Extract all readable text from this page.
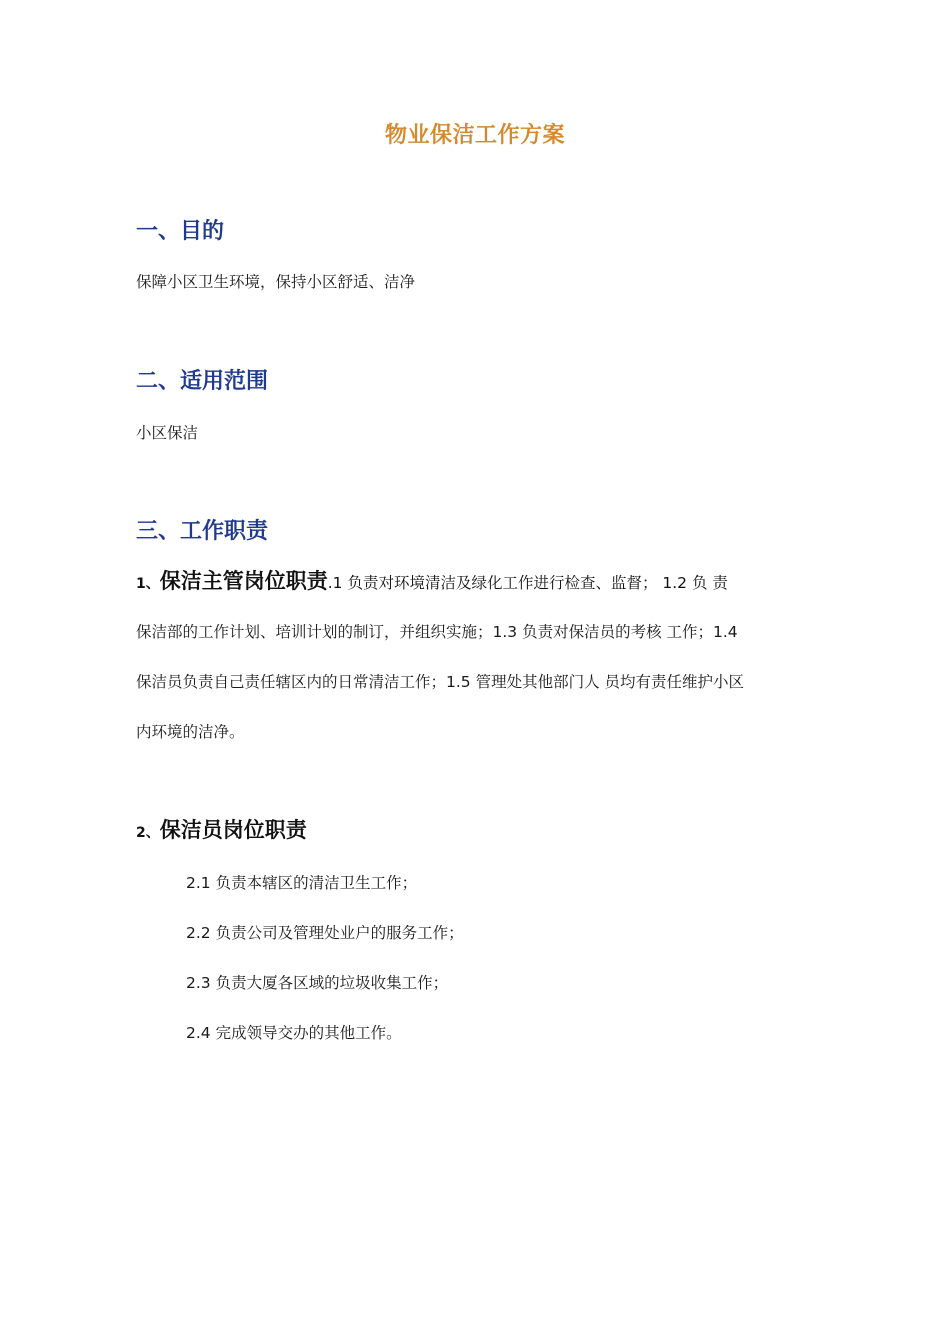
物业保洁工作方案
一、目的
保障小区卫生环境，保持小区舒适、洁净
二、适用范围
小区保洁
三、工作职责
1、保洁主管岗位职责.1 负责对环境清洁及绿化工作进行检查、监督； 1.2 负 责
保洁部的工作计划、培训计划的制订，并组织实施；1.3 负责对保洁员的考核 工作；1.4
保洁员负责自己责任辖区内的日常清洁工作；1.5 管理处其他部门人 员均有责任维护小区
内环境的洁净。
2、保洁员岗位职责
2.1 负责本辖区的清洁卫生工作；
2.2 负责公司及管理处业户的服务工作；
2.3 负责大厦各区域的垃圾收集工作；
2.4 完成领导交办的其他工作。
